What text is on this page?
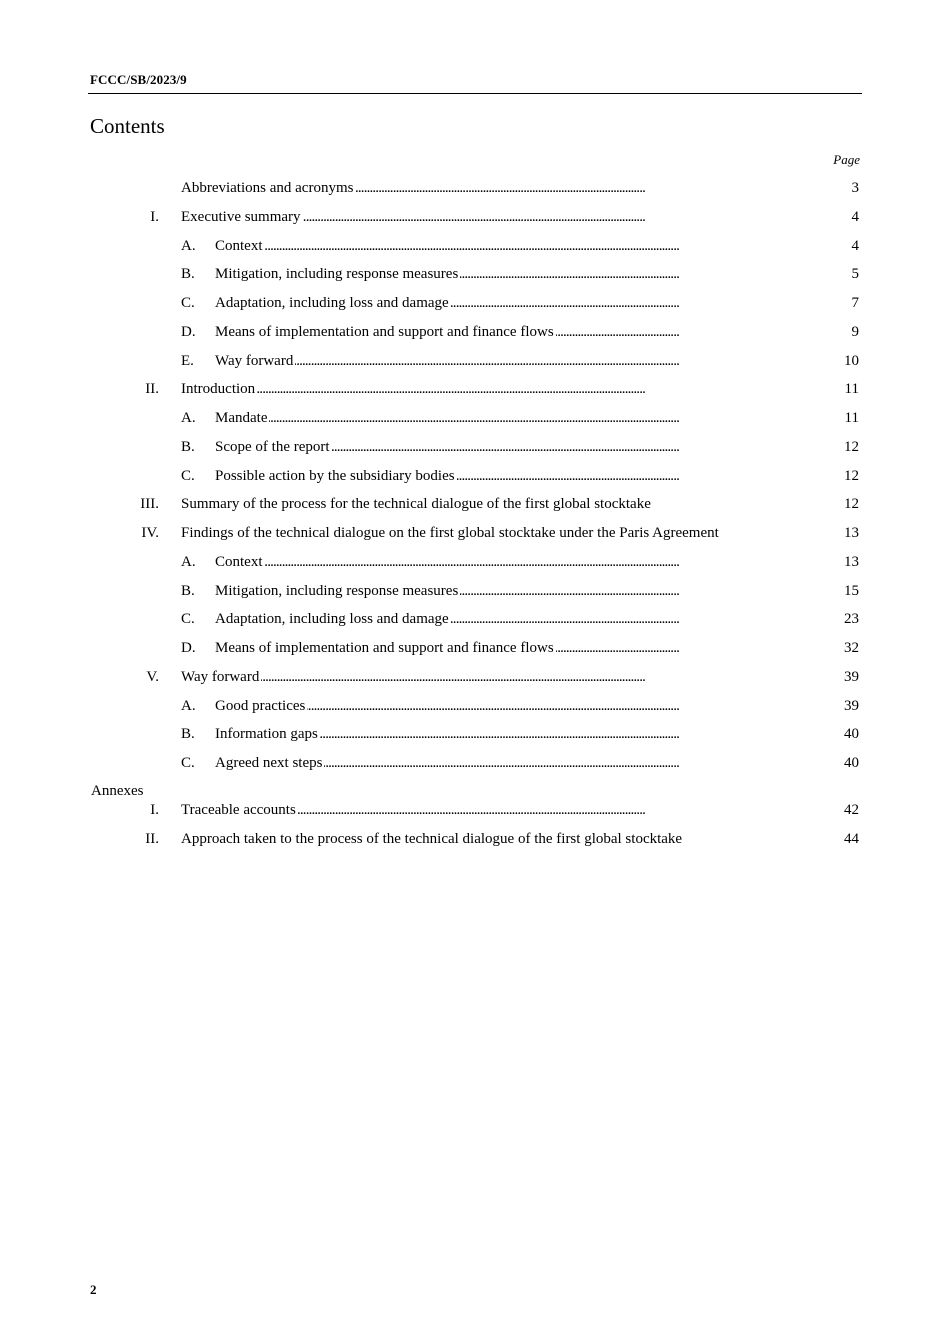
FCCC/SB/2023/9
Contents
Page
Abbreviations and acronyms . . .	3
I. Executive summary . . .	4
A.	Context . . .	4
B.	Mitigation, including response measures . . .	5
C.	Adaptation, including loss and damage . . .	7
D.	Means of implementation and support and finance flows . . .	9
E.	Way forward . . .	10
II. Introduction . . .	11
A.	Mandate . . .	11
B.	Scope of the report . . .	12
C.	Possible action by the subsidiary bodies . . .	12
III. Summary of the process for the technical dialogue of the first global stocktake . . .	12
IV. Findings of the technical dialogue on the first global stocktake under the Paris Agreement . . .	13
A.	Context . . .	13
B.	Mitigation, including response measures . . .	15
C.	Adaptation, including loss and damage . . .	23
D.	Means of implementation and support and finance flows . . .	32
V. Way forward . . .	39
A.	Good practices . . .	39
B.	Information gaps . . .	40
C.	Agreed next steps . . .	40
I. Traceable accounts . . .	42
II. Approach taken to the process of the technical dialogue of the first global stocktake . . .	44
Annexes
2
